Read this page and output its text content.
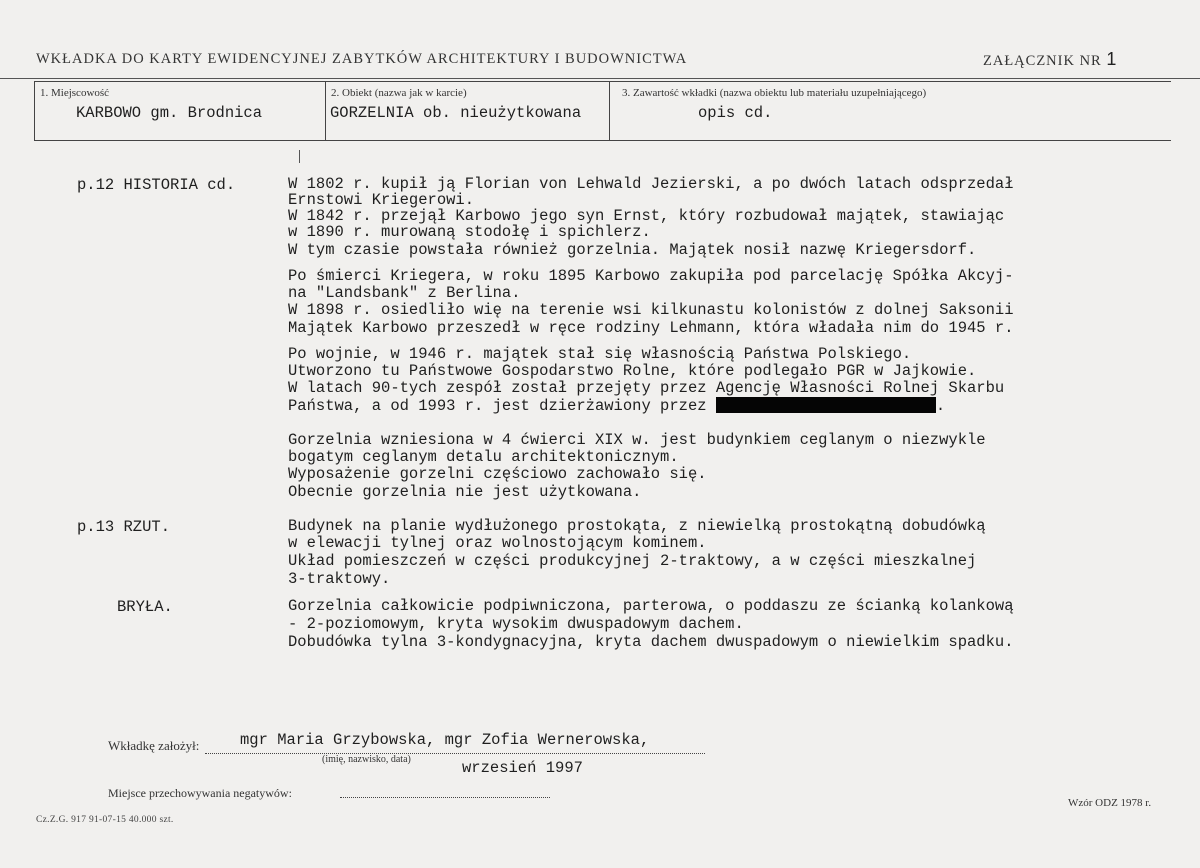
WKŁADKA DO KARTY EWIDENCYJNEJ ZABYTKÓW ARCHITEKTURY I BUDOWNICTWA	ZAŁĄCZNIK NR 1
1. Miejscowość
KARBOWO gm. Brodnica
2. Obiekt (nazwa jak w karcie)
GORZELNIA ob. nieużytkowana
3. Zawartość wkładki (nazwa obiektu lub materiału uzupełniającego)
opis cd.
p.12 HISTORIA cd.	W 1802 r. kupił ją Florian von Lehwald Jezierski, a po dwóch latach odsprzedał
Ernstowi Kriegerowi.
W 1842 r. przejął Karbowo jego syn Ernst, który rozbudował majątek, stawiając
w 1890 r. murowaną stodołę i spichlerz.
W tym czasie powstała również gorzelnia. Majątek nosił nazwę Kriegersdorf.
Po śmierci Kriegera, w roku 1895 Karbowo zakupiła pod parcelację Spółka Akcyj-
na "Landsbank" z Berlina.
W 1898 r. osiedliło wię na terenie wsi kilkunastu kolonistów z dolnej Saksonii
Majątek Karbowo przeszedł w ręce rodziny Lehmann, która władała nim do 1945 r.
Po wojnie, w 1946 r. majątek stał się własnością Państwa Polskiego.
Utworzono tu Państwowe Gospodarstwo Rolne, które podlegało PGR w Jajkowie.
W latach 90-tych zespół został przejęty przez Agencję Własności Rolnej Skarbu
Państwa, a od 1993 r. jest dzierżawiony przez	.
Gorzelnia wzniesiona w 4 ćwierci XIX w. jest budynkiem ceglanym o niezwykle
bogatym ceglanym detalu architektonicznym.
Wyposażenie gorzelni częściowo zachowało się.
Obecnie gorzelnia nie jest użytkowana.
p.13 RZUT.	Budynek na planie wydłużonego prostokąta, z niewielką prostokątną dobudówką
w elewacji tylnej oraz wolnostojącym kominem.
Układ pomieszczeń w części produkcyjnej 2-traktowy, a w części mieszkalnej
3-traktowy.
BRYŁA.	Gorzelnia całkowicie podpiwniczona, parterowa, o poddaszu ze ścianką kolankową
- 2-poziomowym, kryta wysokim dwuspadowym dachem.
Dobudówka tylna 3-kondygnacyjna, kryta dachem dwuspadowym o niewielkim spadku.
Wkładkę założył:	mgr Maria Grzybowska, mgr Zofia Wernerowska,
(imię, nazwisko, data)	wrzesień 1997
Miejsce przechowywania negatywów:
Cz.Z.G. 917 91-07-15 40.000 szt.
Wzór ODZ 1978 r.
